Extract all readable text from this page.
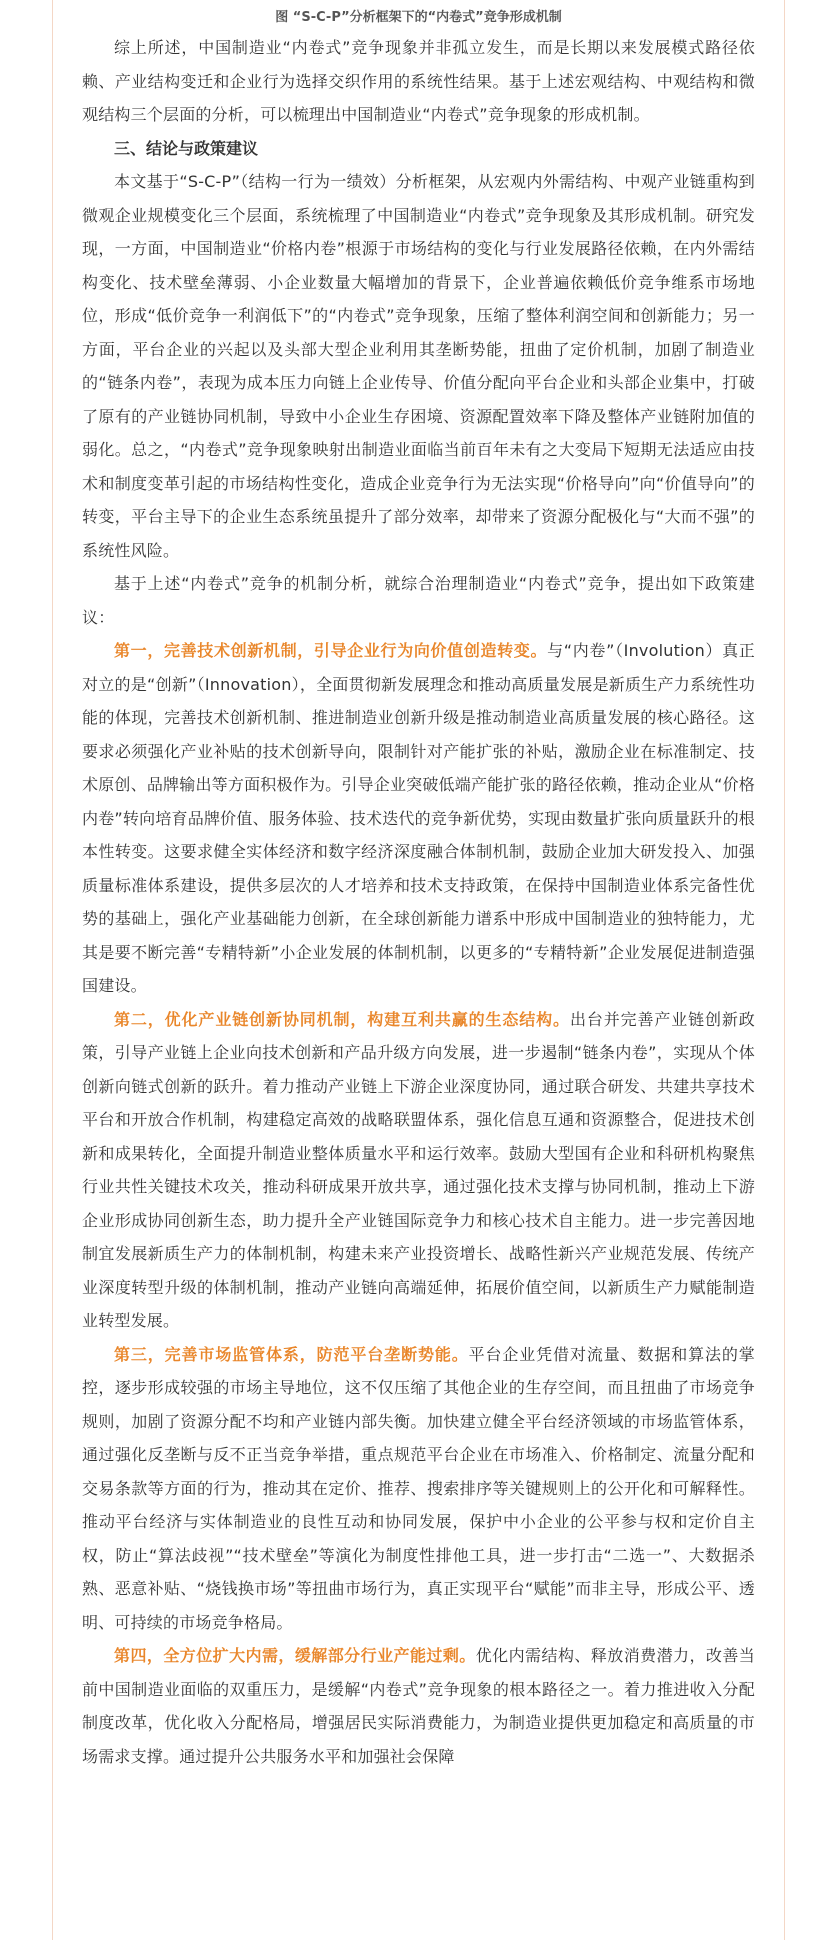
图 “S-C-P”分析框架下的“内卷式”竞争形成机制

综上所述，中国制造业“内卷式”竞争现象并非孤立发生，而是长期以来发展模式路径依赖、产业结构变迁和企业行为选择交织作用的系统性结果。基于上述宏观结构、中观结构和微观结构三个层面的分析，可以梳理出中国制造业“内卷式”竞争现象的形成机制。

三、结论与政策建议

本文基于“S-C-P”（结构一行为一绩效）分析框架，从宏观内外需结构、中观产业链重构到微观企业规模变化三个层面，系统梳理了中国制造业“内卷式”竞争现象及其形成机制。研究发现，一方面，中国制造业“价格内卷”根源于市场结构的变化与行业发展路径依赖，在内外需结构变化、技术壁垒薄弱、小企业数量大幅增加的背景下，企业普遍依赖低价竞争维系市场地位，形成“低价竞争一利润低下”的“内卷式”竞争现象，压缩了整体利润空间和创新能力；另一方面，平台企业的兴起以及头部大型企业利用其垄断势能，扭曲了定价机制，加剧了制造业的“链条内卷”，表现为成本压力向链上企业传导、价值分配向平台企业和头部企业集中，打破了原有的产业链协同机制，导致中小企业生存困境、资源配置效率下降及整体产业链附加值的弱化。总之，“内卷式”竞争现象映射出制造业面临当前百年未有之大变局下短期无法适应由技术和制度变革引起的市场结构性变化，造成企业竞争行为无法实现“价格导向”向“价值导向”的转变，平台主导下的企业生态系统虽提升了部分效率，却带来了资源分配极化与“大而不强”的系统性风险。

基于上述“内卷式”竞争的机制分析，就综合治理制造业“内卷式”竞争，提出如下政策建议：

第一，完善技术创新机制，引导企业行为向价值创造转变。与“内卷”（Involution）真正对立的是“创新”（Innovation），全面贯彻新发展理念和推动高质量发展是新质生产力系统性功能的体现，完善技术创新机制、推进制造业创新升级是推动制造业高质量发展的核心路径。这要求必须强化产业补贴的技术创新导向，限制针对产能扩张的补贴，激励企业在标准制定、技术原创、品牌输出等方面积极作为。引导企业突破低端产能扩张的路径依赖，推动企业从“价格内卷”转向培育品牌价值、服务体验、技术迭代的竞争新优势，实现由数量扩张向质量跃升的根本性转变。这要求健全实体经济和数字经济深度融合体制机制，鼓励企业加大研发投入、加强质量标准体系建设，提供多层次的人才培养和技术支持政策，在保持中国制造业体系完备性优势的基础上，强化产业基础能力创新，在全球创新能力谱系中形成中国制造业的独特能力，尤其是要不断完善“专精特新”小企业发展的体制机制，以更多的“专精特新”企业发展促进制造强国建设。

第二，优化产业链创新协同机制，构建互利共赢的生态结构。出台并完善产业链创新政策，引导产业链上企业向技术创新和产品升级方向发展，进一步遏制“链条内卷”，实现从个体创新向链式创新的跃升。着力推动产业链上下游企业深度协同，通过联合研发、共建共享技术平台和开放合作机制，构建稳定高效的战略联盟体系，强化信息互通和资源整合，促进技术创新和成果转化，全面提升制造业整体质量水平和运行效率。鼓励大型国有企业和科研机构聚焦行业共性关键技术攻关，推动科研成果开放共享，通过强化技术支撑与协同机制，推动上下游企业形成协同创新生态，助力提升全产业链国际竞争力和核心技术自主能力。进一步完善因地制宜发展新质生产力的体制机制，构建未来产业投资增长、战略性新兴产业规范发展、传统产业深度转型升级的体制机制，推动产业链向高端延伸，拓展价值空间，以新质生产力赋能制造业转型发展。

第三，完善市场监管体系，防范平台垄断势能。平台企业凭借对流量、数据和算法的掌控，逐步形成较强的市场主导地位，这不仅压缩了其他企业的生存空间，而且扭曲了市场竞争规则，加剧了资源分配不均和产业链内部失衡。加快建立健全平台经济领域的市场监管体系，通过强化反垄断与反不正当竞争举措，重点规范平台企业在市场准入、价格制定、流量分配和交易条款等方面的行为，推动其在定价、推荐、搜索排序等关键规则上的公开化和可解释性。推动平台经济与实体制造业的良性互动和协同发展，保护中小企业的公平参与权和定价自主权，防止“算法歧视”“技术壁垒”等演化为制度性排他工具，进一步打击“二选一”、大数据杀熟、恶意补贴、“烧钱换市场”等扭曲市场行为，真正实现平台“赋能”而非主导，形成公平、透明、可持续的市场竞争格局。

第四，全方位扩大内需，缓解部分行业产能过剩。优化内需结构、释放消费潜力，改善当前中国制造业面临的双重压力，是缓解“内卷式”竞争现象的根本路径之一。着力推进收入分配制度改革，优化收入分配格局，增强居民实际消费能力，为制造业提供更加稳定和高质量的市场需求支撑。通过提升公共服务水平和加强社会保障
